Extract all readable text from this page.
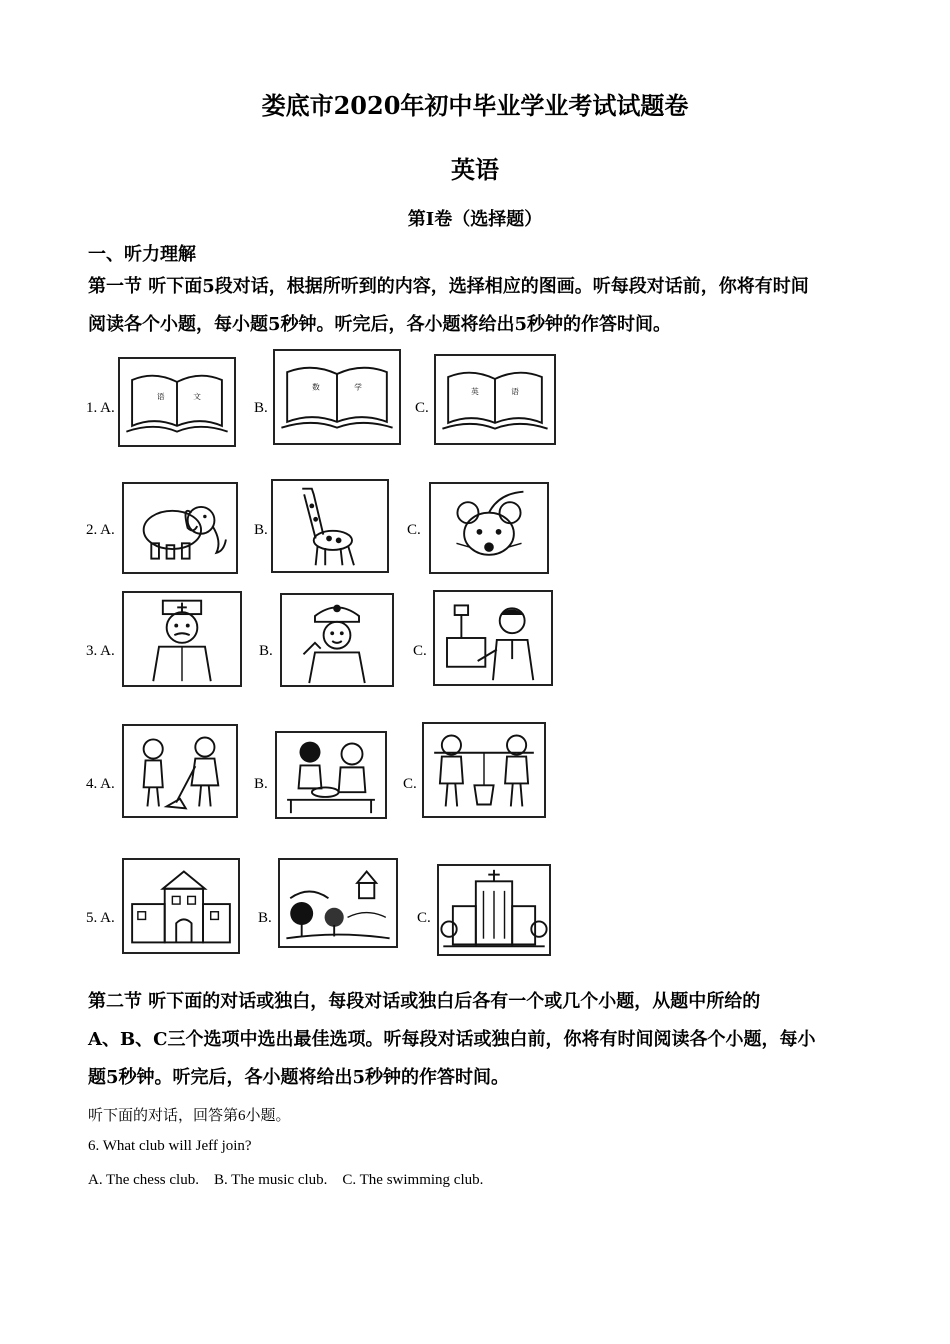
娄底市2020年初中毕业学业考试试题卷
英语
第Ⅰ卷（选择题）
一、听力理解
第一节 听下面5段对话，根据所听到的内容，选择相应的图画。听每段对话前，你将有时间
阅读各个小题，每小题5秒钟。听完后，各小题将给出5秒钟的作答时间。
1. A.
语	文
B.
数	学
C.
英	语
2. A.	B.	C.
3. A.	B.	C.
4. A.	B.	C.
5. A.	B.	C.
第二节 听下面的对话或独白，每段对话或独白后各有一个或几个小题，从题中所给的
A、B、C三个选项中选出最佳选项。听每段对话或独白前，你将有时间阅读各个小题，每小
题5秒钟。听完后，各小题将给出5秒钟的作答时间。
听下面的对话，回答第6小题。
6. What club will Jeff join?
A. The chess club.    B. The music club.    C. The swimming club.
